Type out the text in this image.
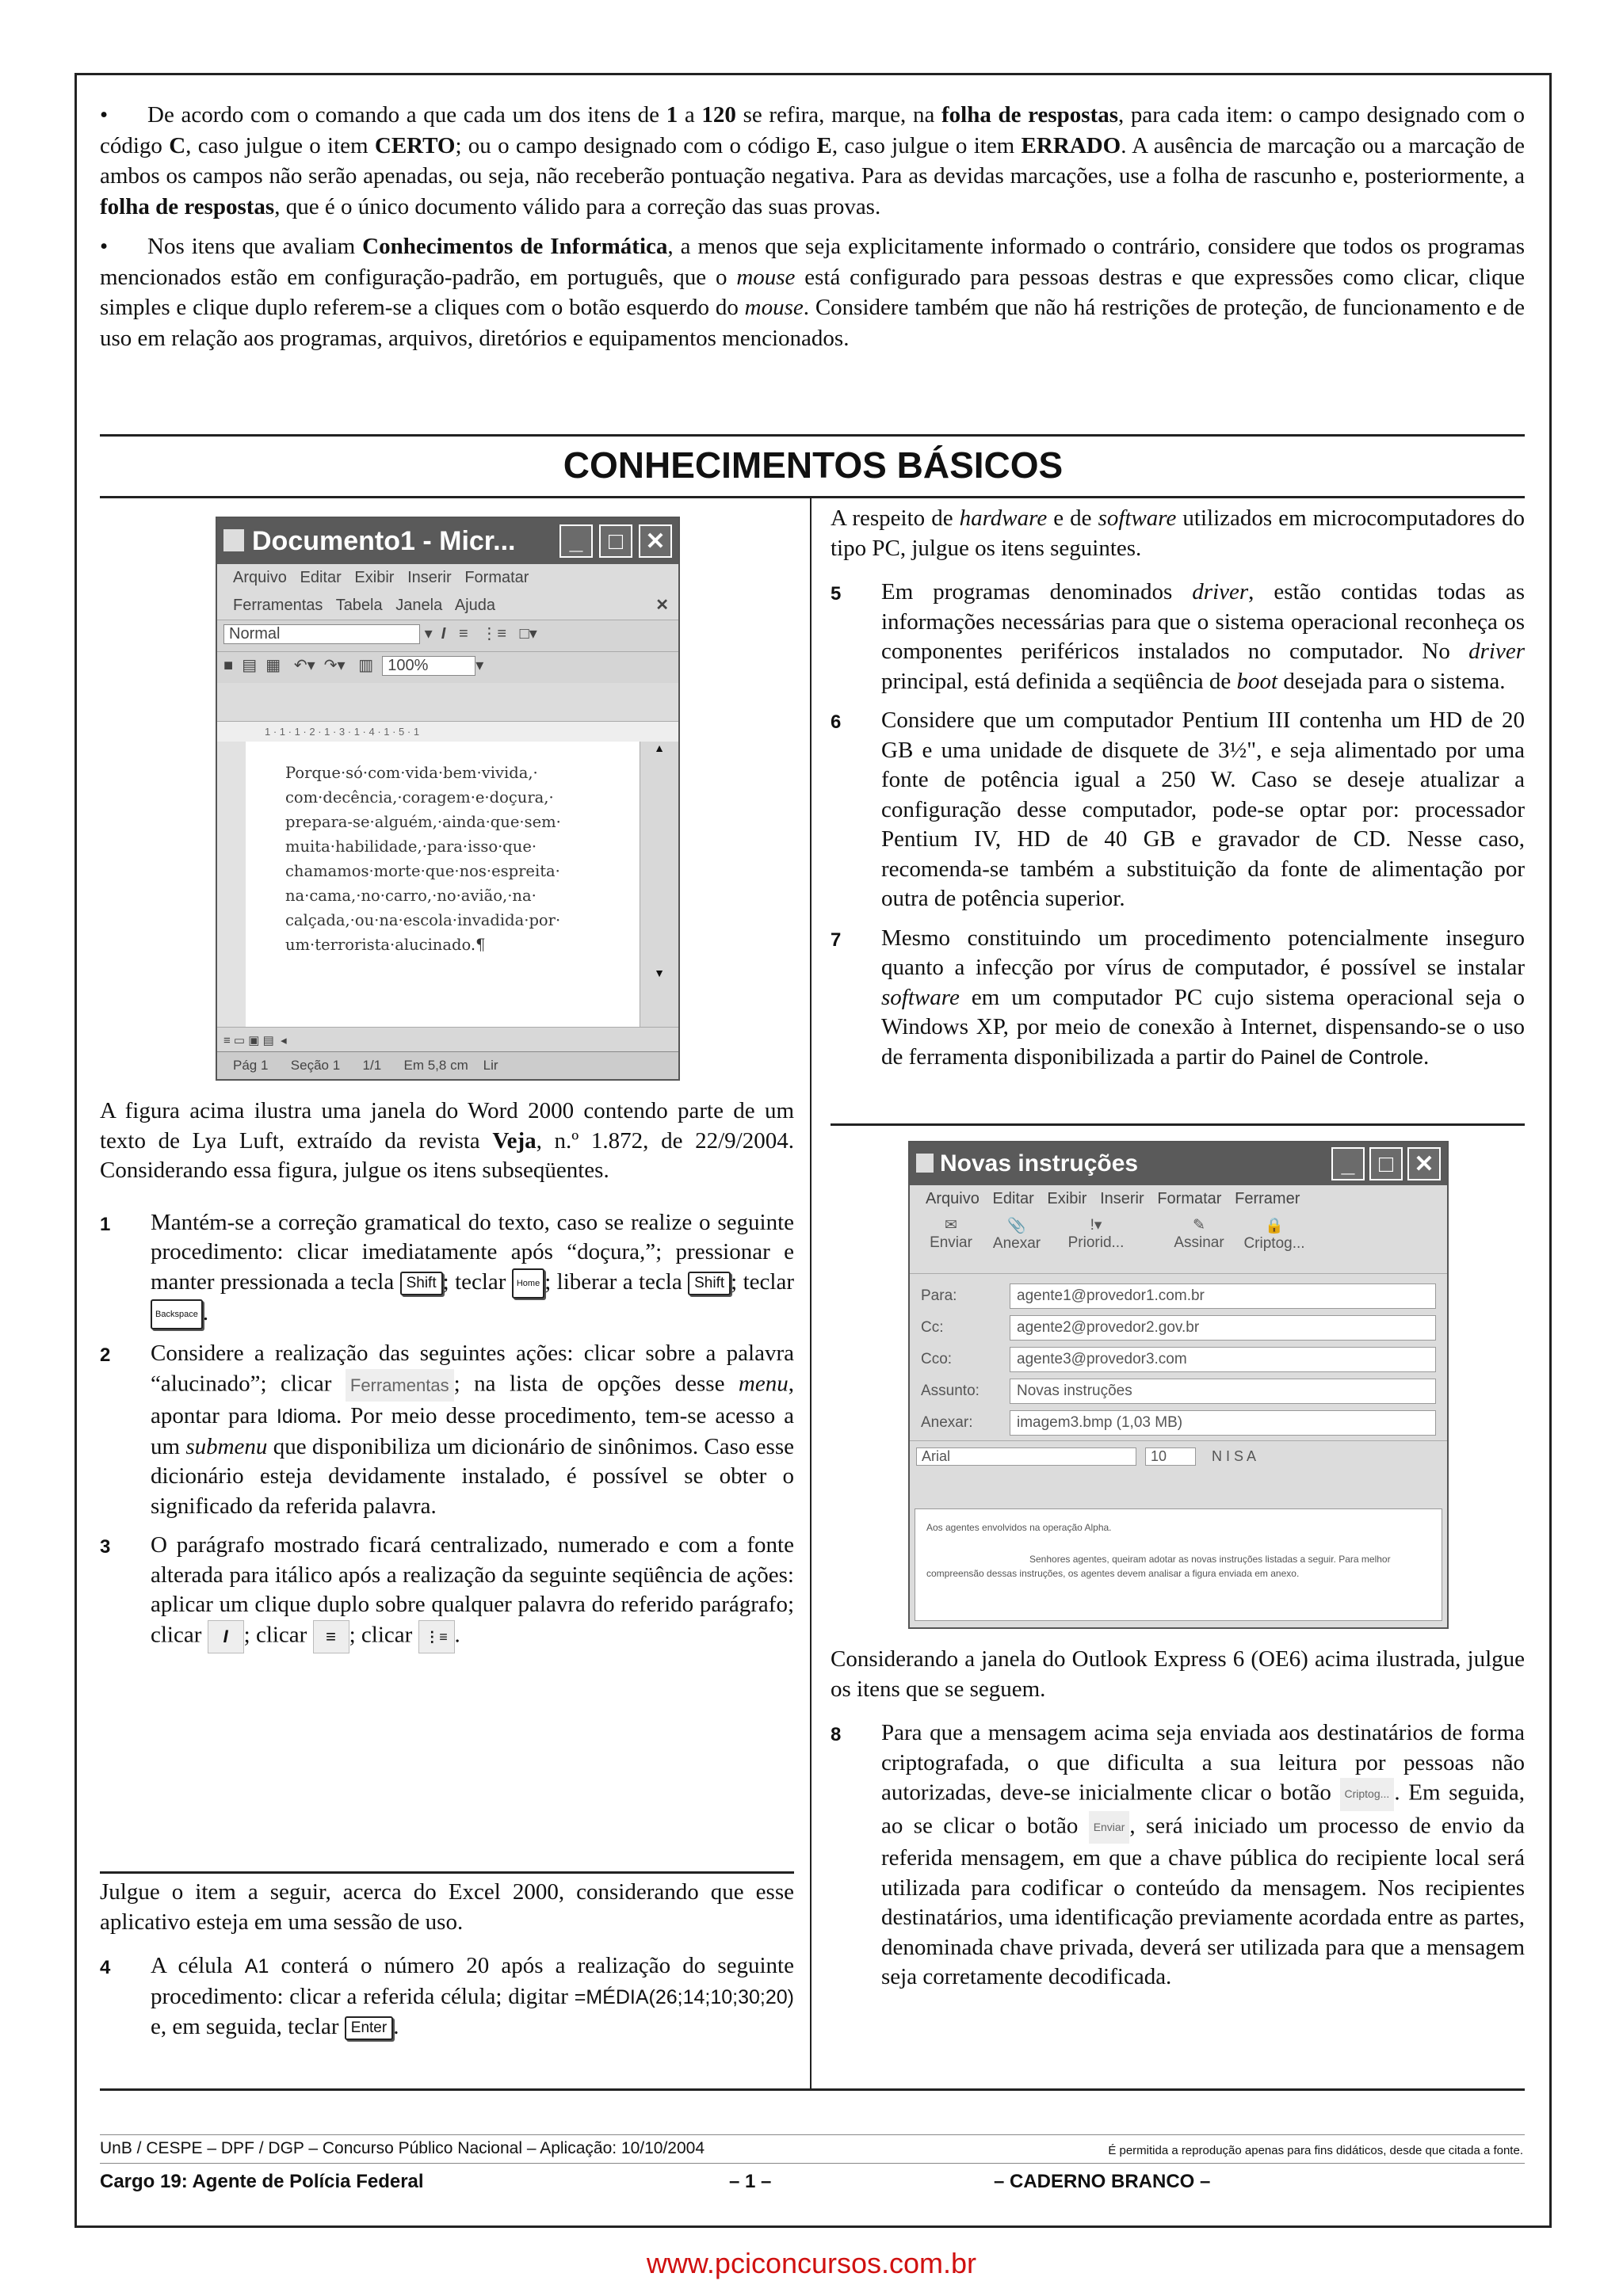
• De acordo com o comando a que cada um dos itens de 1 a 120 se refira, marque, na folha de respostas, para cada item: o campo designado com o código C, caso julgue o item CERTO; ou o campo designado com o código E, caso julgue o item ERRADO. A ausência de marcação ou a marcação de ambos os campos não serão apenadas, ou seja, não receberão pontuação negativa. Para as devidas marcações, use a folha de rascunho e, posteriormente, a folha de respostas, que é o único documento válido para a correção das suas provas.

• Nos itens que avaliam Conhecimentos de Informática, a menos que seja explicitamente informado o contrário, considere que todos os programas mencionados estão em configuração-padrão, em português, que o mouse está configurado para pessoas destras e que expressões como clicar, clique simples e clique duplo referem-se a cliques com o botão esquerdo do mouse. Considere também que não há restrições de proteção, de funcionamento e de uso em relação aos programas, arquivos, diretórios e equipamentos mencionados.

CONHECIMENTOS BÁSICOS
Documento1 - Micr...	_	□ ✕
Arquivo Editar Exibir Inserir Formatar
Ferramentas Tabela Janela Ajuda	✕
Normal	▾ I ≡ ⋮≡ □▾
■ ▤ ▦ ↶▾ ↷▾ ▥ 100%	▾
1 · 1 · 1 · 2 · 1 · 3 · 1 · 4 · 1 · 5 · 1
Porque·só·com·vida·bem·vivida,·
com·decência,·coragem·e·doçura,·
prepara-se·alguém,·ainda·que·sem·
muita·habilidade,·para·isso·que·
chamamos·morte·que·nos·espreita·
na·cama,·no·carro,·no·avião,·na·
calçada,·ou·na·escola·invadida·por·
um·terrorista·alucinado.¶
▲
▼
≡ ▭ ▣ ▤  ◂
Pág 1 Seção 1 1/1 Em 5,8 cm Lir

A figura acima ilustra uma janela do Word 2000 contendo parte de um texto de Lya Luft, extraído da revista Veja, n.º 1.872, de 22/9/2004. Considerando essa figura, julgue os itens subseqüentes.

1 Mantém-se a correção gramatical do texto, caso se realize o seguinte procedimento: clicar imediatamente após “doçura,”; pressionar e manter pressionada a tecla Shift ; teclar Home ; liberar a tecla Shift ; teclar Backspace .
2 Considere a realização das seguintes ações: clicar sobre a palavra “alucinado”; clicar Ferramentas ; na lista de opções desse menu, apontar para Idioma. Por meio desse procedimento, tem-se acesso a um submenu que disponibiliza um dicionário de sinônimos. Caso esse dicionário esteja devidamente instalado, é possível se obter o significado da referida palavra.
3 O parágrafo mostrado ficará centralizado, numerado e com a fonte alterada para itálico após a realização da seguinte seqüência de ações: aplicar um clique duplo sobre qualquer palavra do referido parágrafo; clicar I ; clicar ≡ ; clicar ⋮≡ .

Julgue o item a seguir, acerca do Excel 2000, considerando que esse aplicativo esteja em uma sessão de uso.

4 A célula A1 conterá o número 20 após a realização do seguinte procedimento: clicar a referida célula; digitar =MÉDIA(26;14;10;30;20) e, em seguida, teclar Enter .

A respeito de hardware e de software utilizados em microcomputadores do tipo PC, julgue os itens seguintes.

5 Em programas denominados driver, estão contidas todas as informações necessárias para que o sistema operacional reconheça os componentes periféricos instalados no computador. No driver principal, está definida a seqüência de boot desejada para o sistema.
6 Considere que um computador Pentium III contenha um HD de 20 GB e uma unidade de disquete de 3½", e seja alimentado por uma fonte de potência igual a 250 W. Caso se deseje atualizar a configuração desse computador, pode-se optar por: processador Pentium IV, HD de 40 GB e gravador de CD. Nesse caso, recomenda-se também a substituição da fonte de alimentação por outra de potência superior.
7 Mesmo constituindo um procedimento potencialmente inseguro quanto a infecção por vírus de computador, é possível se instalar software em um computador PC cujo sistema operacional seja o Windows XP, por meio de conexão à Internet, dispensando-se o uso de ferramenta disponibilizada a partir do Painel de Controle.
Novas instruções	_	□ ✕
Arquivo Editar Exibir Inserir Formatar Ferramer
✉
Enviar
📎
Anexar
!▾
Priorid...
✎
Assinar
🔒
Criptog...
Para:	agente1@provedor1.com.br
Cc:	agente2@provedor2.gov.br
Cco:	agente3@provedor3.com
Assunto:	Novas instruções
Anexar:	imagem3.bmp (1,03 MB)
Arial
	10	N I S A
Aos agentes envolvidos na operação Alpha.
Senhores agentes, queiram adotar as novas instruções listadas a seguir. Para melhor compreensão dessas instruções, os agentes devem analisar a figura enviada em anexo.

Considerando a janela do Outlook Express 6 (OE6) acima ilustrada, julgue os itens que se seguem.

8 Para que a mensagem acima seja enviada aos destinatários de forma criptografada, o que dificulta a sua leitura por pessoas não autorizadas, deve-se inicialmente clicar o botão Criptog... . Em seguida, ao se clicar o botão Enviar , será iniciado um processo de envio da referida mensagem, em que a chave pública do recipiente local será utilizada para codificar o conteúdo da mensagem. Nos recipientes destinatários, uma identificação previamente acordada entre as partes, denominada chave privada, deverá ser utilizada para que a mensagem seja corretamente decodificada.
UnB / CESPE – DPF / DGP – Concurso Público Nacional – Aplicação: 10/10/2004	É permitida a reprodução apenas para fins didáticos, desde que citada a fonte.
Cargo 19: Agente de Polícia Federal	– 1 –	– CADERNO BRANCO –
www.pciconcursos.com.br
